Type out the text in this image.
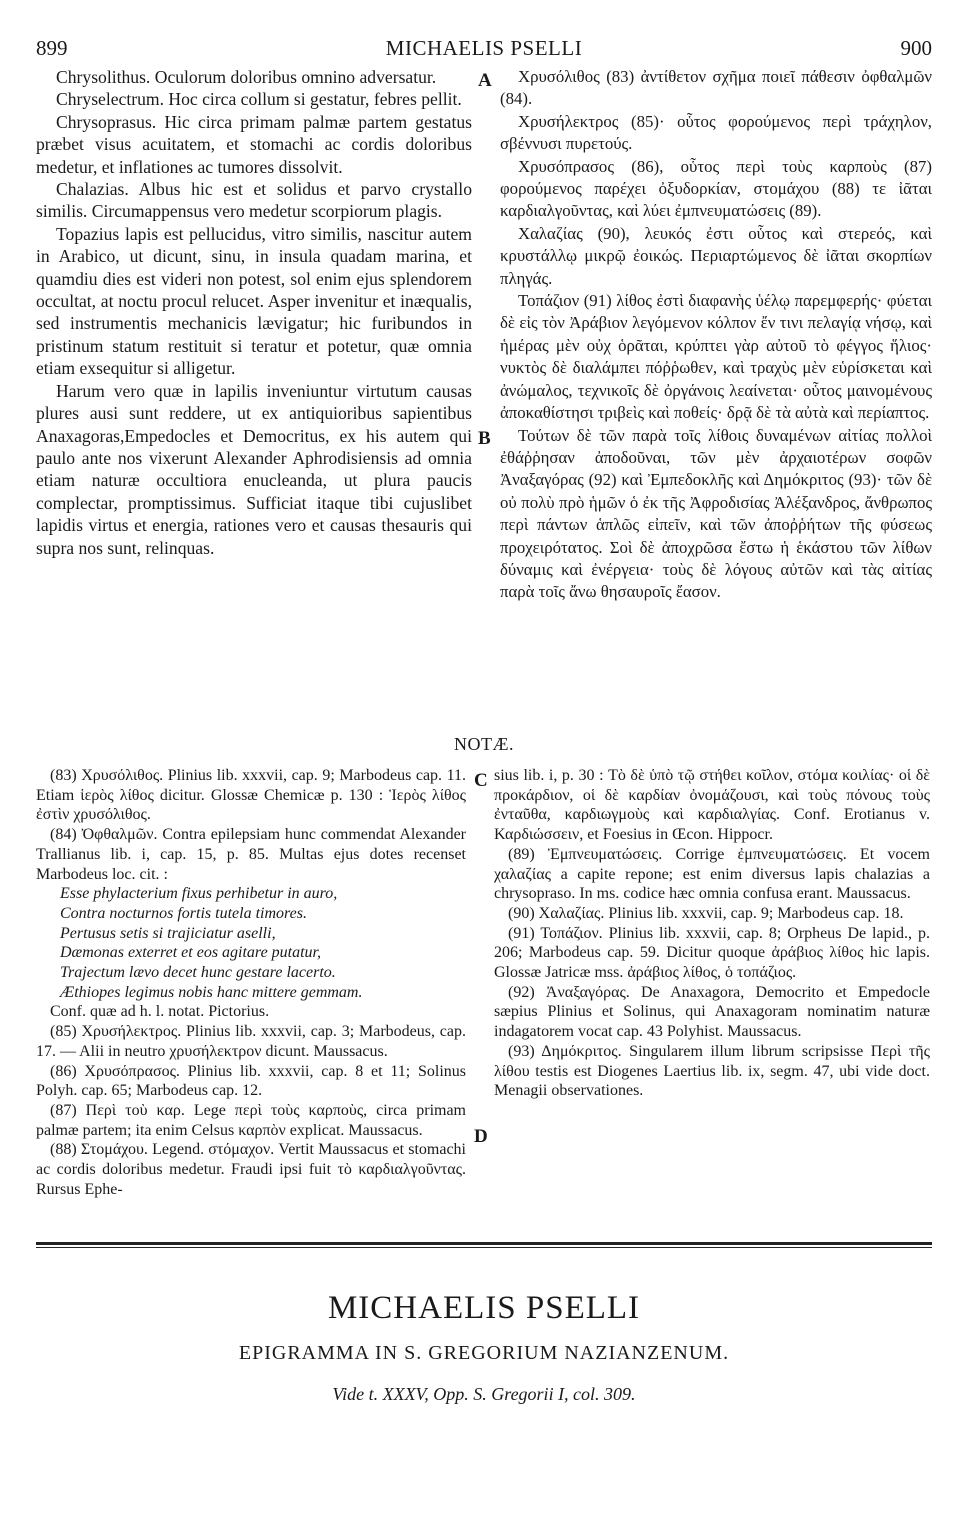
899	MICHAELIS PSELLI	900

Chrysolithus. Oculorum doloribus omnino adversatur.

Chryselectrum. Hoc circa collum si gestatur, febres pellit.

Chrysoprasus. Hic circa primam palmæ partem gestatus præbet visus acuitatem, et stomachi ac cordis doloribus medetur, et inflationes ac tumores dissolvit.

Chalazias. Albus hic est et solidus et parvo crystallo similis. Circumappensus vero medetur scorpiorum plagis.

Topazius lapis est pellucidus, vitro similis, nascitur autem in Arabico, ut dicunt, sinu, in insula quadam marina, et quamdiu dies est videri non potest, sol enim ejus splendorem occultat, at noctu procul relucet. Asper invenitur et inæqualis, sed instrumentis mechanicis lævigatur; hic furibundos in pristinum statum restituit si teratur et potetur, quæ omnia etiam exsequitur si alligetur.

Harum vero quæ in lapilis inveniuntur virtutum causas plures ausi sunt reddere, ut ex antiquioribus sapientibus Anaxagoras,Empedocles et Democritus, ex his autem qui paulo ante nos vixerunt Alexander Aphrodisiensis ad omnia etiam naturæ occultiora enucleanda, ut plura paucis complectar, promptissimus. Sufficiat itaque tibi cujuslibet lapidis virtus et energia, rationes vero et causas thesauris qui supra nos sunt, relinquas.

A
B

Χρυσόλιθος (83) ἀντίθετον σχῆμα ποιεῖ πάθεσιν ὀφθαλμῶν (84).

Χρυσήλεκτρος (85)· οὗτος φορούμενος περὶ τράχηλον, σβέννυσι πυρετούς.

Χρυσόπρασος (86), οὗτος περὶ τοὺς καρποὺς (87) φορούμενος παρέχει ὀξυδορκίαν, στομάχου (88) τε ἰᾶται καρδιαλγοῦντας, καὶ λύει ἐμπνευματώσεις (89).

Χαλαζίας (90), λευκός ἐστι οὗτος καὶ στερεός, καὶ κρυστάλλῳ μικρῷ ἐοικώς. Περιαρτώμενος δὲ ἰᾶται σκορπίων πληγάς.

Τοπάζιον (91) λίθος ἐστὶ διαφανὴς ὑέλῳ παρεμφερής· φύεται δὲ εἰς τὸν Ἀράβιον λεγόμενον κόλπον ἔν τινι πελαγίᾳ νήσῳ, καὶ ἡμέρας μὲν οὐχ ὁρᾶται, κρύπτει γὰρ αὐτοῦ τὸ φέγγος ἥλιος· νυκτὸς δὲ διαλάμπει πόῤῥωθεν, καὶ τραχὺς μὲν εὑρίσκεται καὶ ἀνώμαλος, τεχνικοῖς δὲ ὀργάνοις λεαίνεται· οὗτος μαινομένους ἀποκαθίστησι τριβεὶς καὶ ποθείς· δρᾷ δὲ τὰ αὐτὰ καὶ περίαπτος.

Τούτων δὲ τῶν παρὰ τοῖς λίθοις δυναμένων αἰτίας πολλοὶ ἐθάῤῥησαν ἀποδοῦναι, τῶν μὲν ἀρχαιοτέρων σοφῶν Ἀναξαγόρας (92) καὶ Ἐμπεδοκλῆς καὶ Δημόκριτος (93)· τῶν δὲ οὐ πολὺ πρὸ ἡμῶν ὁ ἐκ τῆς Ἀφροδισίας Ἀλέξανδρος, ἄνθρωπος περὶ πάντων ἁπλῶς εἰπεῖν, καὶ τῶν ἀποῤῥήτων τῆς φύσεως προχειρότατος. Σοὶ δὲ ἀποχρῶσα ἔστω ἡ ἑκάστου τῶν λίθων δύναμις καὶ ἐνέργεια· τοὺς δὲ λόγους αὐτῶν καὶ τὰς αἰτίας παρὰ τοῖς ἄνω θησαυροῖς ἔασον.

NOTÆ.

(83) Χρυσόλιθος. Plinius lib. xxxvii, cap. 9; Marbodeus cap. 11. Etiam ἱερὸς λίθος dicitur. Glossæ Chemicæ p. 130 : Ἱερὸς λίθος ἐστὶν χρυσόλιθος.

(84) Ὀφθαλμῶν. Contra epilepsiam hunc commendat Alexander Trallianus lib. i, cap. 15, p. 85. Multas ejus dotes recenset Marbodeus loc. cit. :

Esse phylacterium fixus perhibetur in auro,
Contra nocturnos fortis tutela timores.
Pertusus setis si trajiciatur aselli,
Dæmonas exterret et eos agitare putatur,
Trajectum lævo decet hunc gestare lacerto.
Æthiopes legimus nobis hanc mittere gemmam.

Conf. quæ ad h. l. notat. Pictorius.

(85) Χρυσήλεκτρος. Plinius lib. xxxvii, cap. 3; Marbodeus, cap. 17. — Alii in neutro χρυσήλεκτρον dicunt. Maussacus.

(86) Χρυσόπρασος. Plinius lib. xxxvii, cap. 8 et 11; Solinus Polyh. cap. 65; Marbodeus cap. 12.

(87) Περὶ τοὺ καρ. Lege περὶ τοὺς καρποὺς, circa primam palmæ partem; ita enim Celsus καρπὸν explicat. Maussacus.

(88) Στομάχου. Legend. στόμαχον. Vertit Maussacus et stomachi ac cordis doloribus medetur. Fraudi ipsi fuit τὸ καρδιαλγοῦντας. Rursus Ephe-

C
D

sius lib. i, p. 30 : Τὸ δὲ ὑπὸ τῷ στήθει κοῖλον, στόμα κοιλίας· οἱ δὲ προκάρδιον, οἱ δὲ καρδίαν ὀνομάζουσι, καὶ τοὺς πόνους τοὺς ἐνταῦθα, καρδιωγμοὺς καὶ καρδιαλγίας. Conf. Erotianus v. Καρδιώσσειν, et Foesius in Œcon. Hippocr.

(89) Ἐμπνευματώσεις. Corrige ἐμπνευματώσεις. Et vocem χαλαζίας a capite repone; est enim diversus lapis chalazias a chrysopraso. In ms. codice hæc omnia confusa erant. Maussacus.

(90) Χαλαζίας. Plinius lib. xxxvii, cap. 9; Marbodeus cap. 18.

(91) Τοπάζιον. Plinius lib. xxxvii, cap. 8; Orpheus De lapid., p. 206; Marbodeus cap. 59. Dicitur quoque ἀράβιος λίθος hic lapis. Glossæ Jatricæ mss. ἀράβιος λίθος, ὁ τοπάζιος.

(92) Ἀναξαγόρας. De Anaxagora, Democrito et Empedocle sæpius Plinius et Solinus, qui Anaxagoram nominatim naturæ indagatorem vocat cap. 43 Polyhist. Maussacus.

(93) Δημόκριτος. Singularem illum librum scripsisse Περὶ τῆς λίθου testis est Diogenes Laertius lib. ix, segm. 47, ubi vide doct. Menagii observationes.

MICHAELIS PSELLI
EPIGRAMMA IN S. GREGORIUM NAZIANZENUM.
Vide t. XXXV, Opp. S. Gregorii I, col. 309.
